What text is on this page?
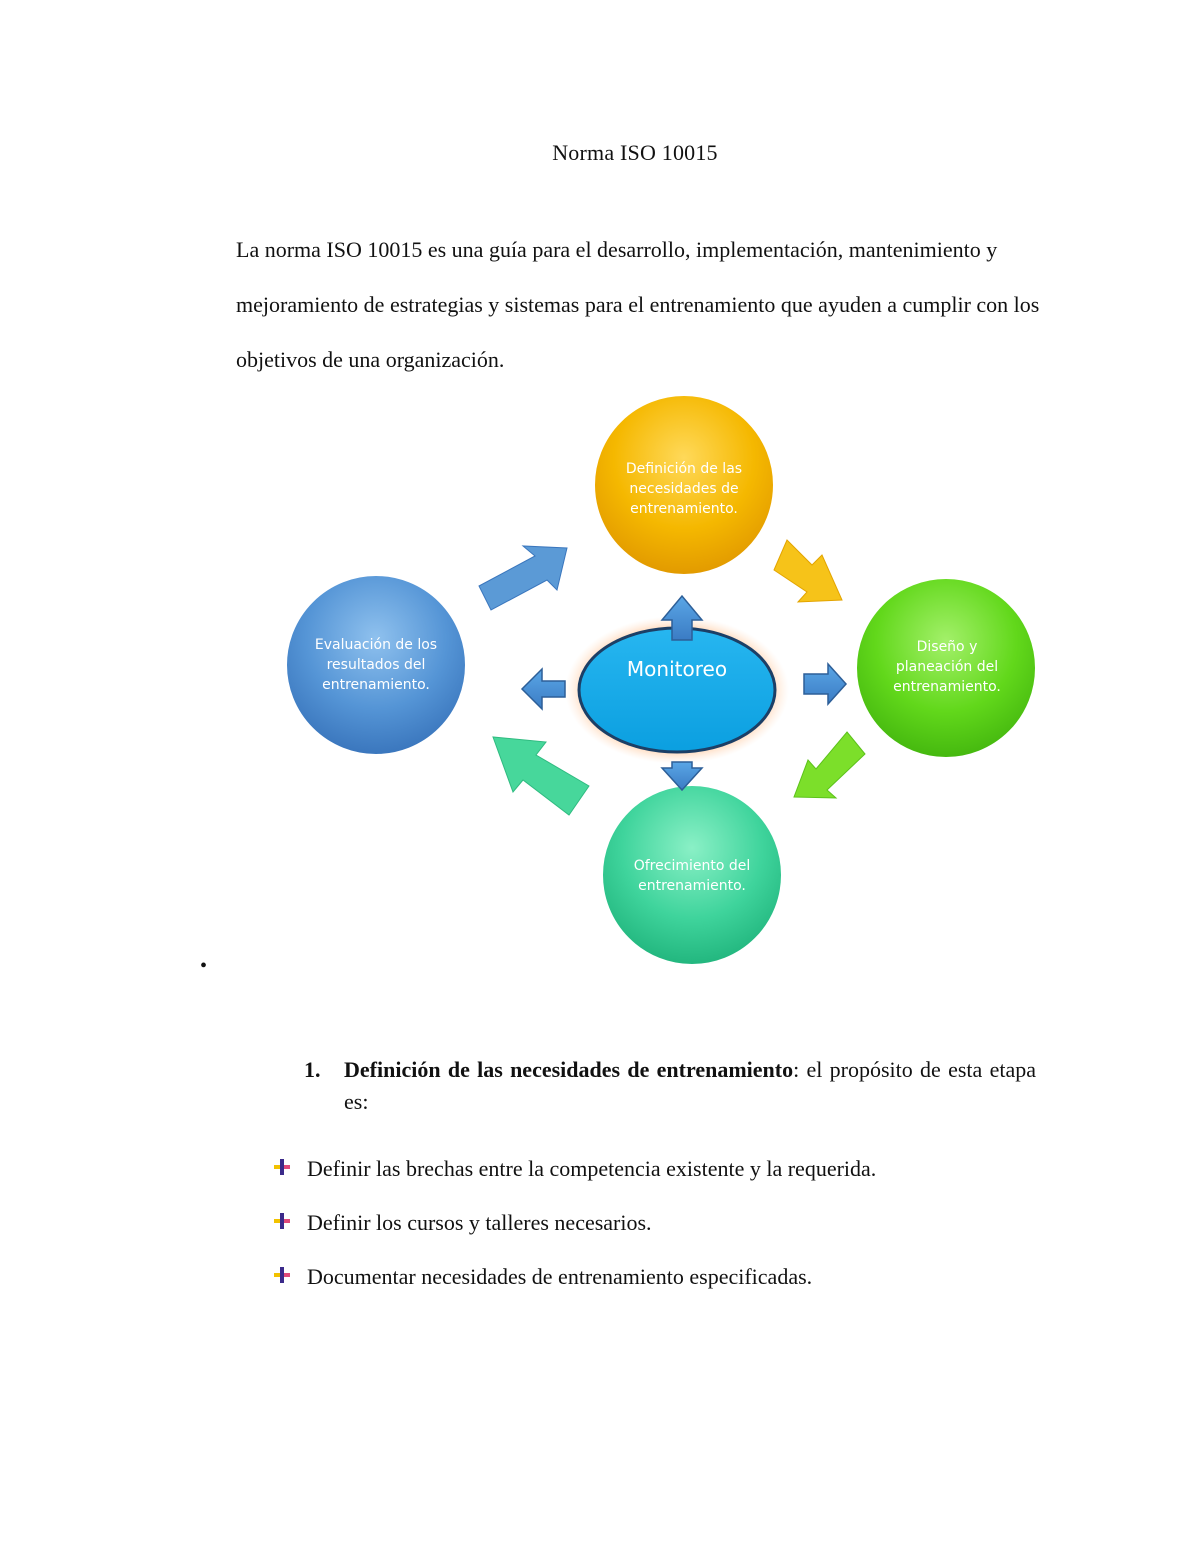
Norma ISO 10015

La norma ISO 10015 es una guía para el desarrollo, implementación, mantenimiento y mejoramiento de estrategias y sistemas para el entrenamiento que ayuden a cumplir con los objetivos de una organización.

Monitoreo
Definición de las necesidades de entrenamiento.
Diseño y planeación del entrenamiento.
Ofrecimiento del entrenamiento.
Evaluación de los resultados del entrenamiento.
•
1. Definición de las necesidades de entrenamiento: el propósito de esta etapa es:
Definir las brechas entre la competencia existente y la requerida.
Definir los cursos y talleres necesarios.
Documentar necesidades de entrenamiento especificadas.
